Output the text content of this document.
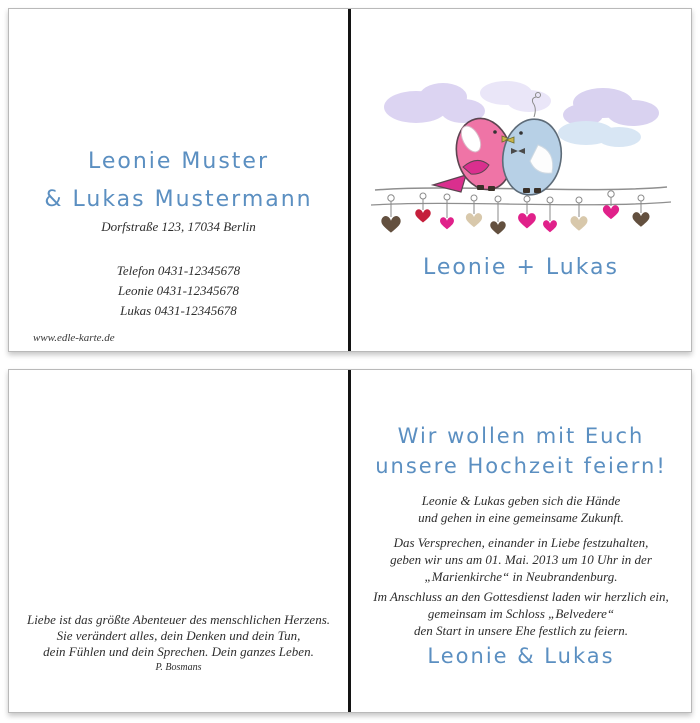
Leonie Muster
& Lukas Mustermann
Dorfstraße 123, 17034 Berlin
Telefon 0431-12345678
Leonie 0431-12345678
Lukas 0431-12345678
www.edle-karte.de
Leonie + Lukas
Liebe ist das größte Abenteuer des menschlichen Herzens.
Sie verändert alles, dein Denken und dein Tun,
dein Fühlen und dein Sprechen. Dein ganzes Leben.
P. Bosmans
Wir wollen mit Euch
unsere Hochzeit feiern!
Leonie & Lukas geben sich die Hände
und gehen in eine gemeinsame Zukunft.
Das Versprechen, einander in Liebe festzuhalten,
geben wir uns am 01. Mai. 2013 um 10 Uhr in der
„Marienkirche“ in Neubrandenburg.
Im Anschluss an den Gottesdienst laden wir herzlich ein,
gemeinsam im Schloss „Belvedere“
den Start in unsere Ehe festlich zu feiern.
Leonie & Lukas
